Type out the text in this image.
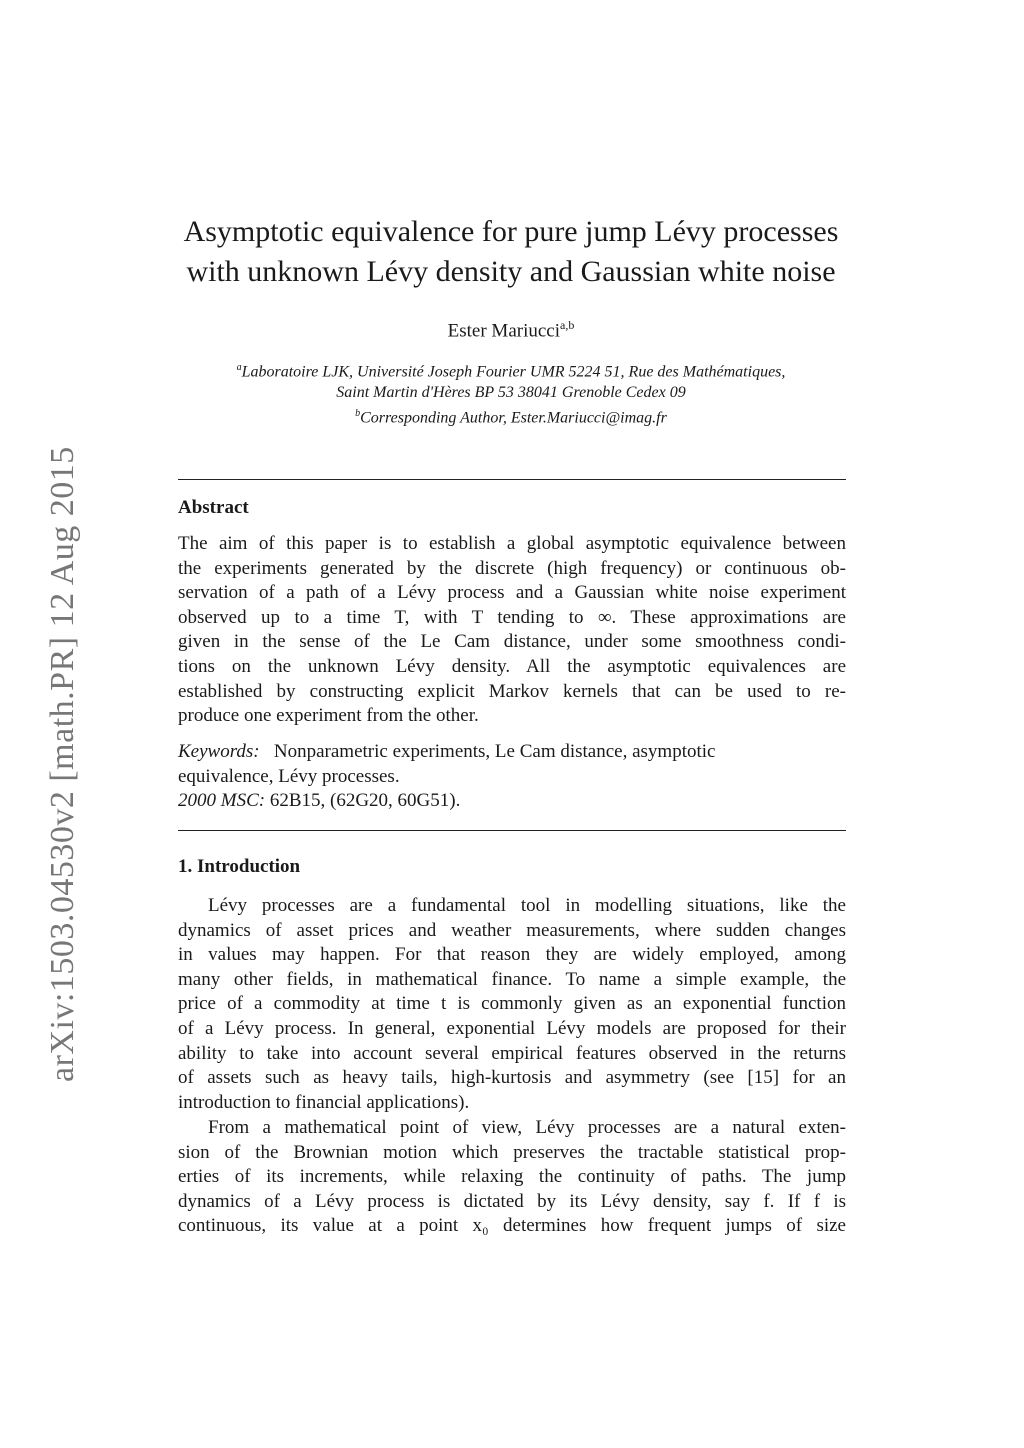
arXiv:1503.04530v2 [math.PR] 12 Aug 2015
Asymptotic equivalence for pure jump Lévy processes
with unknown Lévy density and Gaussian white noise
Ester Mariucci$^{a,b}$
$^a$Laboratoire LJK, Université Joseph Fourier UMR 5224 51, Rue des Mathématiques,
Saint Martin d'Hères BP 53 38041 Grenoble Cedex 09
$^b$Corresponding Author, Ester.Mariucci@imag.fr
Abstract
The aim of this paper is to establish a global asymptotic equivalence between
the experiments generated by the discrete (high frequency) or continuous ob-
servation of a path of a Lévy process and a Gaussian white noise experiment
observed up to a time T, with T tending to ∞. These approximations are
given in the sense of the Le Cam distance, under some smoothness condi-
tions on the unknown Lévy density. All the asymptotic equivalences are
established by constructing explicit Markov kernels that can be used to re-
produce one experiment from the other.
Keywords: Nonparametric experiments, Le Cam distance, asymptotic
equivalence, Lévy processes.
2000 MSC: 62B15, (62G20, 60G51).
1. Introduction
Lévy processes are a fundamental tool in modelling situations, like the
dynamics of asset prices and weather measurements, where sudden changes
in values may happen. For that reason they are widely employed, among
many other fields, in mathematical finance. To name a simple example, the
price of a commodity at time t is commonly given as an exponential function
of a Lévy process. In general, exponential Lévy models are proposed for their
ability to take into account several empirical features observed in the returns
of assets such as heavy tails, high-kurtosis and asymmetry (see [15] for an
introduction to financial applications).
From a mathematical point of view, Lévy processes are a natural exten-
sion of the Brownian motion which preserves the tractable statistical prop-
erties of its increments, while relaxing the continuity of paths. The jump
dynamics of a Lévy process is dictated by its Lévy density, say f. If f is
continuous, its value at a point x₀ determines how frequent jumps of size
